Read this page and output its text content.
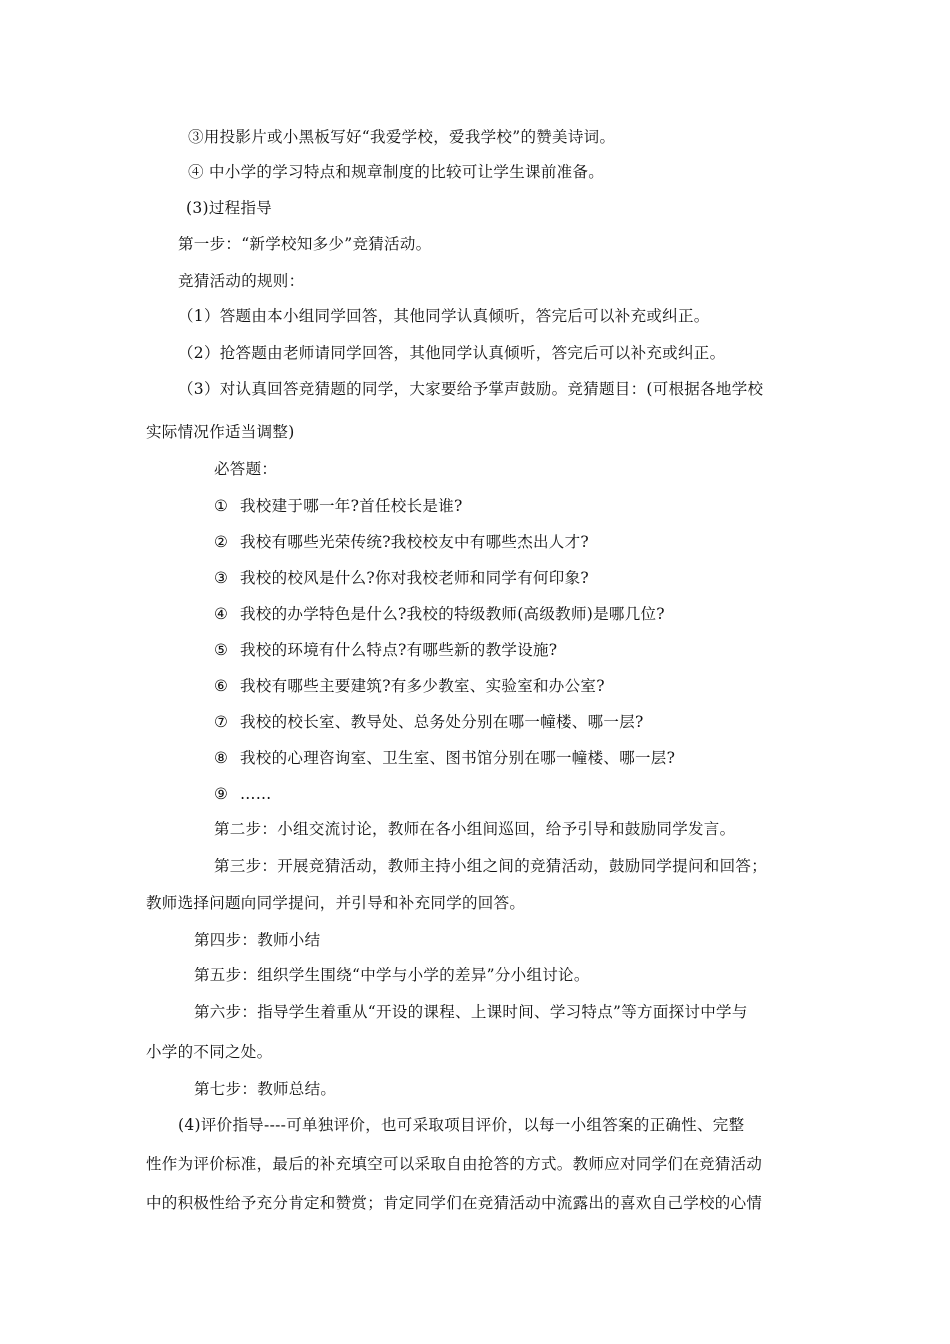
③用投影片或小黑板写好“我爱学校，爱我学校”的赞美诗词。
④ 中小学的学习特点和规章制度的比较可让学生课前准备。
(3)过程指导
第一步：“新学校知多少”竞猜活动。
竞猜活动的规则：
（1）答题由本小组同学回答，其他同学认真倾听，答完后可以补充或纠正。
（2）抢答题由老师请同学回答，其他同学认真倾听，答完后可以补充或纠正。
（3）对认真回答竞猜题的同学，大家要给予掌声鼓励。竞猜题目：(可根据各地学校
实际情况作适当调整)
必答题：
① 我校建于哪一年?首任校长是谁?
② 我校有哪些光荣传统?我校校友中有哪些杰出人才?
③ 我校的校风是什么?你对我校老师和同学有何印象?
④ 我校的办学特色是什么?我校的特级教师(高级教师)是哪几位?
⑤ 我校的环境有什么特点?有哪些新的教学设施?
⑥ 我校有哪些主要建筑?有多少教室、实验室和办公室?
⑦ 我校的校长室、教导处、总务处分别在哪一幢楼、哪一层?
⑧ 我校的心理咨询室、卫生室、图书馆分别在哪一幢楼、哪一层?
⑨ ……
第二步：小组交流讨论，教师在各小组间巡回，给予引导和鼓励同学发言。
第三步：开展竞猜活动，教师主持小组之间的竞猜活动，鼓励同学提问和回答；
教师选择问题向同学提问，并引导和补充同学的回答。
第四步：教师小结
第五步：组织学生围绕“中学与小学的差异”分小组讨论。
第六步：指导学生着重从“开设的课程、上课时间、学习特点”等方面探讨中学与
小学的不同之处。
第七步：教师总结。
(4)评价指导----可单独评价，也可采取项目评价，以每一小组答案的正确性、完整
性作为评价标准，最后的补充填空可以采取自由抢答的方式。教师应对同学们在竞猜活动
中的积极性给予充分肯定和赞赏；肯定同学们在竞猜活动中流露出的喜欢自己学校的心情
